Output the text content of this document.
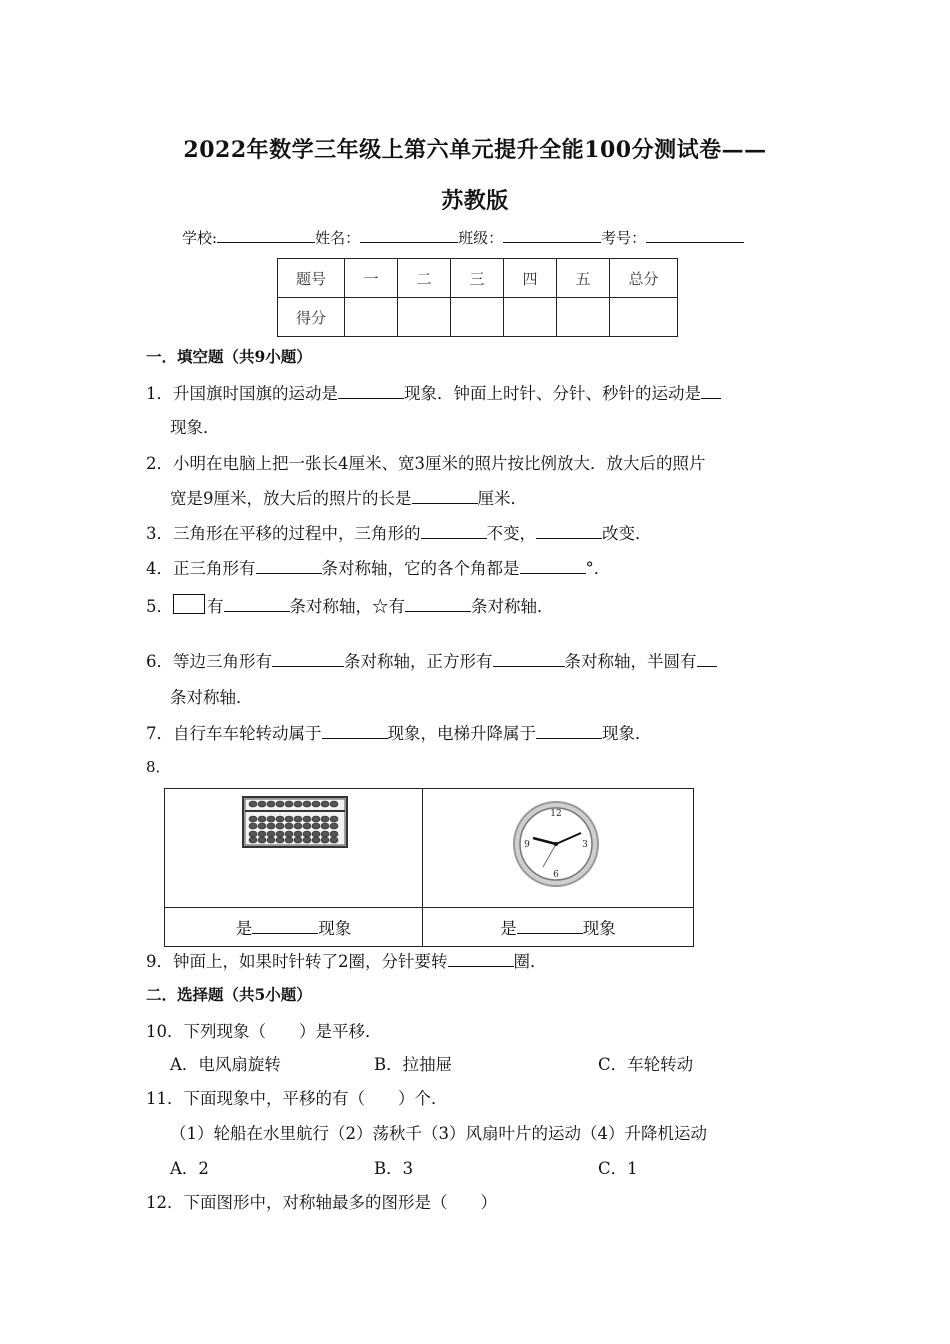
2022年数学三年级上第六单元提升全能100分测试卷——
苏教版
学校:	姓名：	班级：	考号：
题号	一	二	三	四	五	总分
得分						
一．填空题（共9小题）
1．升国旗时国旗的运动是	现象．钟面上时针、分针、秒针的运动是
现象．
2．小明在电脑上把一张长4厘米、宽3厘米的照片按比例放大．放大后的照片
宽是9厘米，放大后的照片的长是	厘米．
3．三角形在平移的过程中，三角形的	不变，	改变．
4．正三角形有	条对称轴，它的各个角都是	°．
5． 有	条对称轴，☆有	条对称轴．
6．等边三角形有	条对称轴，正方形有	条对称轴，半圆有
条对称轴．
7．自行车车轮转动属于	现象，电梯升降属于	现象．
8．

12
3
6
9

是 现象	是 现象
9．钟面上，如果时针转了2圈，分针要转	圈．
二．选择题（共5小题）
10．下列现象（　　）是平移．
A．电风扇旋转	B．拉抽屉	C．车轮转动
11．下面现象中，平移的有（　　）个．
（1）轮船在水里航行（2）荡秋千（3）风扇叶片的运动（4）升降机运动
A．2	B．3	C．1
12．下面图形中，对称轴最多的图形是（　　）
